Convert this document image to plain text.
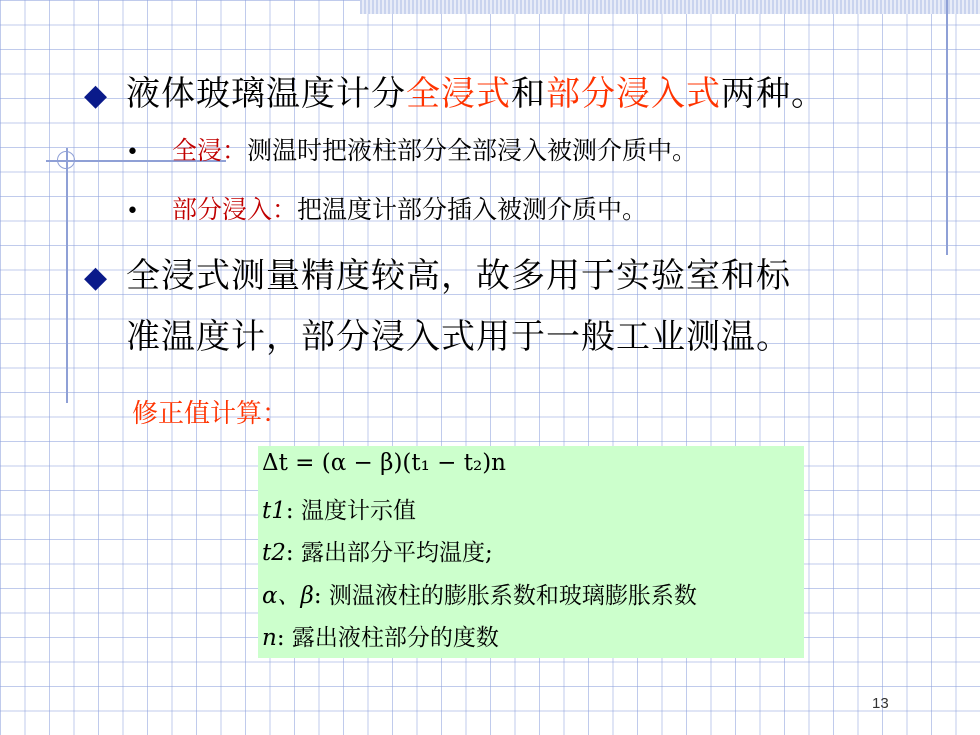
◆ 液体玻璃温度计分全浸式和部分浸入式两种。
• 全浸：测温时把液柱部分全部浸入被测介质中。
• 部分浸入：把温度计部分插入被测介质中。
◆ 全浸式测量精度较高，故多用于实验室和标
准温度计，部分浸入式用于一般工业测温。
修正值计算：
Δt = (α − β)(t₁ − t₂)n
t1: 温度计示值
t2: 露出部分平均温度;
α、β: 测温液柱的膨胀系数和玻璃膨胀系数
n: 露出液柱部分的度数
13
